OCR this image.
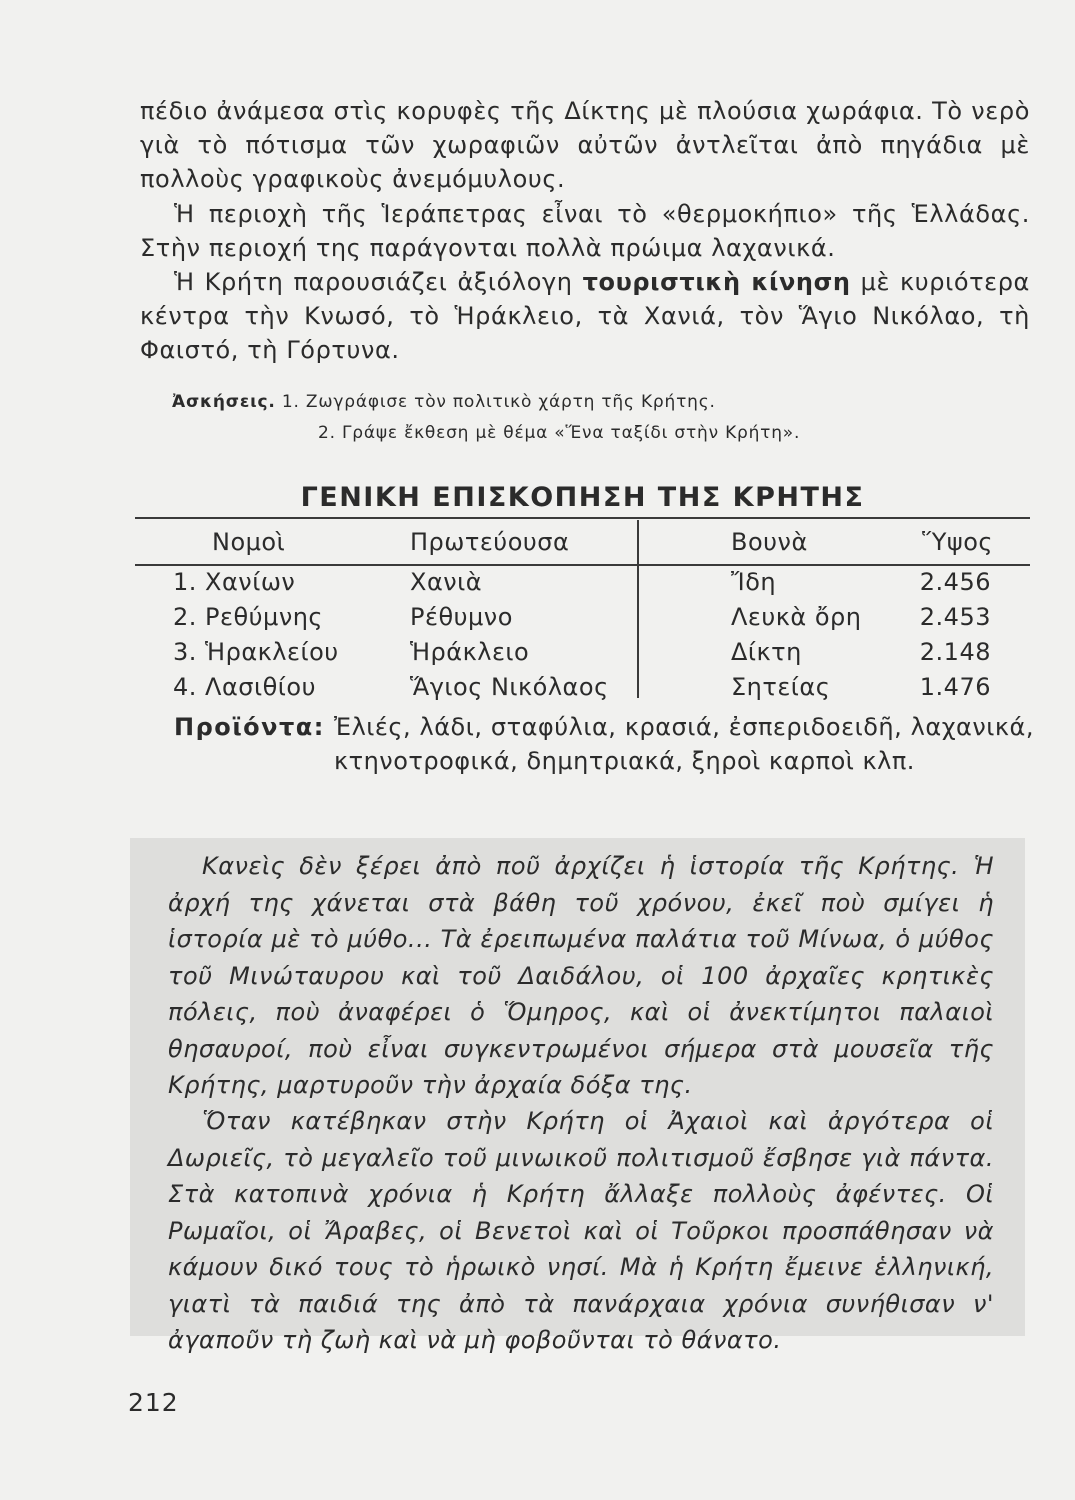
πέδιο ἀνάμεσα στὶς κορυφὲς τῆς Δίκτης μὲ πλούσια χωράφια. Τὸ νερὸ γιὰ τὸ πότισμα τῶν χωραφιῶν αὐτῶν ἀντλεῖται ἀπὸ πηγάδια μὲ πολλοὺς γραφικοὺς ἀνεμόμυλους.

Ἡ περιοχὴ τῆς Ἱεράπετρας εἶναι τὸ «θερμοκήπιο» τῆς Ἑλλάδας. Στὴν περιοχή της παράγονται πολλὰ πρώιμα λαχανικά.

Ἡ Κρήτη παρουσιάζει ἀξιόλογη τουριστικὴ κίνηση μὲ κυριότερα κέντρα τὴν Κνωσό, τὸ Ἡράκλειο, τὰ Χανιά, τὸν Ἅγιο Νικόλαο, τὴ Φαιστό, τὴ Γόρτυνα.

Ἀσκήσεις. 1. Ζωγράφισε τὸν πολιτικὸ χάρτη τῆς Κρήτης.
2. Γράψε ἔκθεση μὲ θέμα «Ἕνα ταξίδι στὴν Κρήτη».
ΓΕΝΙΚΗ ΕΠΙΣΚΟΠΗΣΗ ΤΗΣ ΚΡΗΤΗΣ
Νομοὶ	Πρωτεύουσα	Βουνὰ	Ὕψος
1. Χανίων	Χανιὰ	Ἴδη	2.456
2. Ρεθύμνης	Ρέθυμνο	Λευκὰ ὄρη 2.453
3. Ἡρακλείου	Ἡράκλειο	Δίκτη	2.148
4. Λασιθίου	Ἅγιος Νικόλαος	Σητείας	1.476
Προϊόντα: Ἐλιές, λάδι, σταφύλια, κρασιά, ἐσπεριδοειδῆ, λαχανικά, κτηνοτροφικά, δημητριακά, ξηροὶ καρποὶ κλπ.

Κανεὶς δὲν ξέρει ἀπὸ ποῦ ἀρχίζει ἡ ἱστορία τῆς Κρήτης. Ἡ ἀρχή της χάνεται στὰ βάθη τοῦ χρόνου, ἐκεῖ ποὺ σμίγει ἡ ἱστορία μὲ τὸ μύθο... Τὰ ἐρειπωμένα παλάτια τοῦ Μίνωα, ὁ μύθος τοῦ Μινώταυρου καὶ τοῦ Δαιδάλου, οἱ 100 ἀρχαῖες κρητικὲς πόλεις, ποὺ ἀναφέρει ὁ Ὅμηρος, καὶ οἱ ἀνεκτίμητοι παλαιοὶ θησαυροί, ποὺ εἶναι συγκεντρωμένοι σήμερα στὰ μουσεῖα τῆς Κρήτης, μαρτυροῦν τὴν ἀρχαία δόξα της.

Ὅταν κατέβηκαν στὴν Κρήτη οἱ Ἀχαιοὶ καὶ ἀργότερα οἱ Δωριεῖς, τὸ μεγαλεῖο τοῦ μινωικοῦ πολιτισμοῦ ἔσβησε γιὰ πάντα. Στὰ κατοπινὰ χρόνια ἡ Κρήτη ἄλλαξε πολλοὺς ἀφέντες. Οἱ Ρωμαῖοι, οἱ Ἄραβες, οἱ Βενετοὶ καὶ οἱ Τοῦρκοι προσπάθησαν νὰ κάμουν δικό τους τὸ ἡρωικὸ νησί. Μὰ ἡ Κρήτη ἔμεινε ἑλληνική, γιατὶ τὰ παιδιά της ἀπὸ τὰ πανάρχαια χρόνια συνήθισαν ν' ἀγαποῦν τὴ ζωὴ καὶ νὰ μὴ φοβοῦνται τὸ θάνατο.

212
